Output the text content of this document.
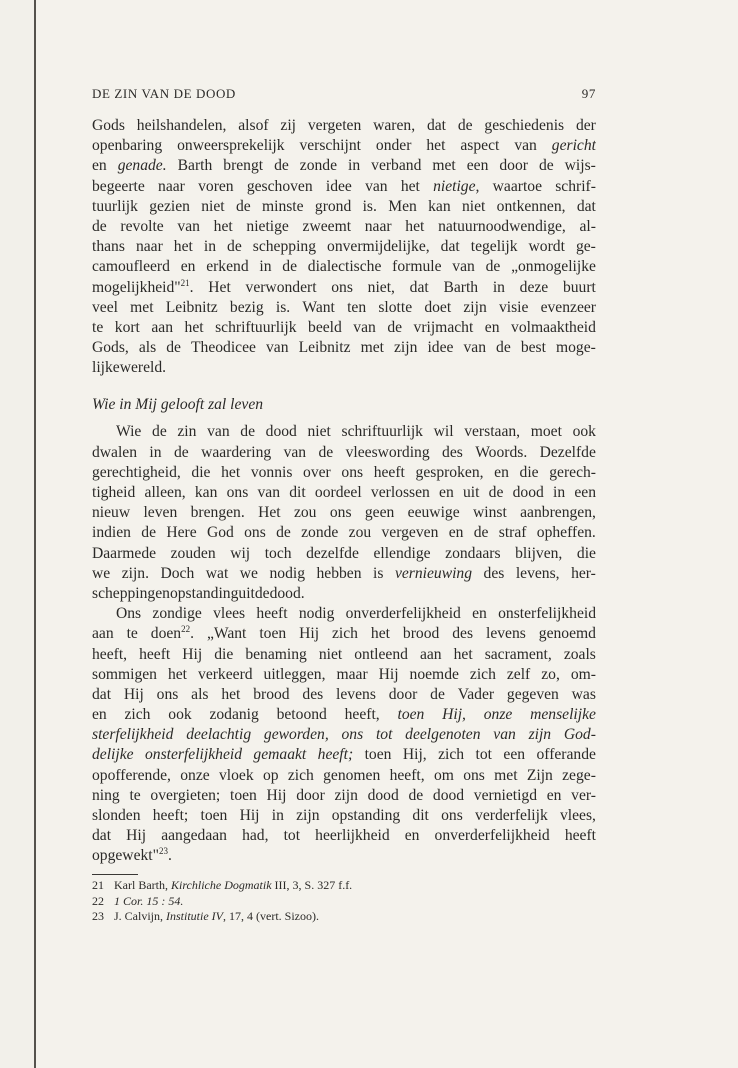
DE ZIN VAN DE DOOD	97
Gods heilshandelen, alsof zij vergeten waren, dat de geschiedenis der
openbaring onweersprekelijk verschijnt onder het aspect van gericht
en genade. Barth brengt de zonde in verband met een door de wijs-
begeerte naar voren geschoven idee van het nietige, waartoe schrif-
tuurlijk gezien niet de minste grond is. Men kan niet ontkennen, dat
de revolte van het nietige zweemt naar het natuurnoodwendige, al-
thans naar het in de schepping onvermijdelijke, dat tegelijk wordt ge-
camoufleerd en erkend in de dialectische formule van de „onmogelijke
mogelijkheid"$^{21}$. Het verwondert ons niet, dat Barth in deze buurt
veel met Leibnitz bezig is. Want ten slotte doet zijn visie evenzeer
te kort aan het schriftuurlijk beeld van de vrijmacht en volmaaktheid
Gods, als de Theodicee van Leibnitz met zijn idee van de best moge-
lijke wereld.
Wie in Mij gelooft zal leven
Wie de zin van de dood niet schriftuurlijk wil verstaan, moet ook
dwalen in de waardering van de vleeswording des Woords. Dezelfde
gerechtigheid, die het vonnis over ons heeft gesproken, en die gerech-
tigheid alleen, kan ons van dit oordeel verlossen en uit de dood in een
nieuw leven brengen. Het zou ons geen eeuwige winst aanbrengen,
indien de Here God ons de zonde zou vergeven en de straf opheffen.
Daarmede zouden wij toch dezelfde ellendige zondaars blijven, die
we zijn. Doch wat we nodig hebben is vernieuwing des levens, her-
schepping en opstanding uit de dood.
Ons zondige vlees heeft nodig onverderfelijkheid en onsterfelijkheid
aan te doen$^{22}$. „Want toen Hij zich het brood des levens genoemd
heeft, heeft Hij die benaming niet ontleend aan het sacrament, zoals
sommigen het verkeerd uitleggen, maar Hij noemde zich zelf zo, om-
dat Hij ons als het brood des levens door de Vader gegeven was
en zich ook zodanig betoond heeft, toen Hij, onze menselijke
sterfelijkheid deelachtig geworden, ons tot deelgenoten van zijn God-
delijke onsterfelijkheid gemaakt heeft; toen Hij, zich tot een offerande
opofferende, onze vloek op zich genomen heeft, om ons met Zijn zege-
ning te overgieten; toen Hij door zijn dood de dood vernietigd en ver-
slonden heeft; toen Hij in zijn opstanding dit ons verderfelijk vlees,
dat Hij aangedaan had, tot heerlijkheid en onverderfelijkheid heeft
opgewekt"$^{23}$.
21 Karl Barth, Kirchliche Dogmatik III, 3, S. 327 f.f.
22 1 Cor. 15 : 54.
23 J. Calvijn, Institutie IV, 17, 4 (vert. Sizoo).
